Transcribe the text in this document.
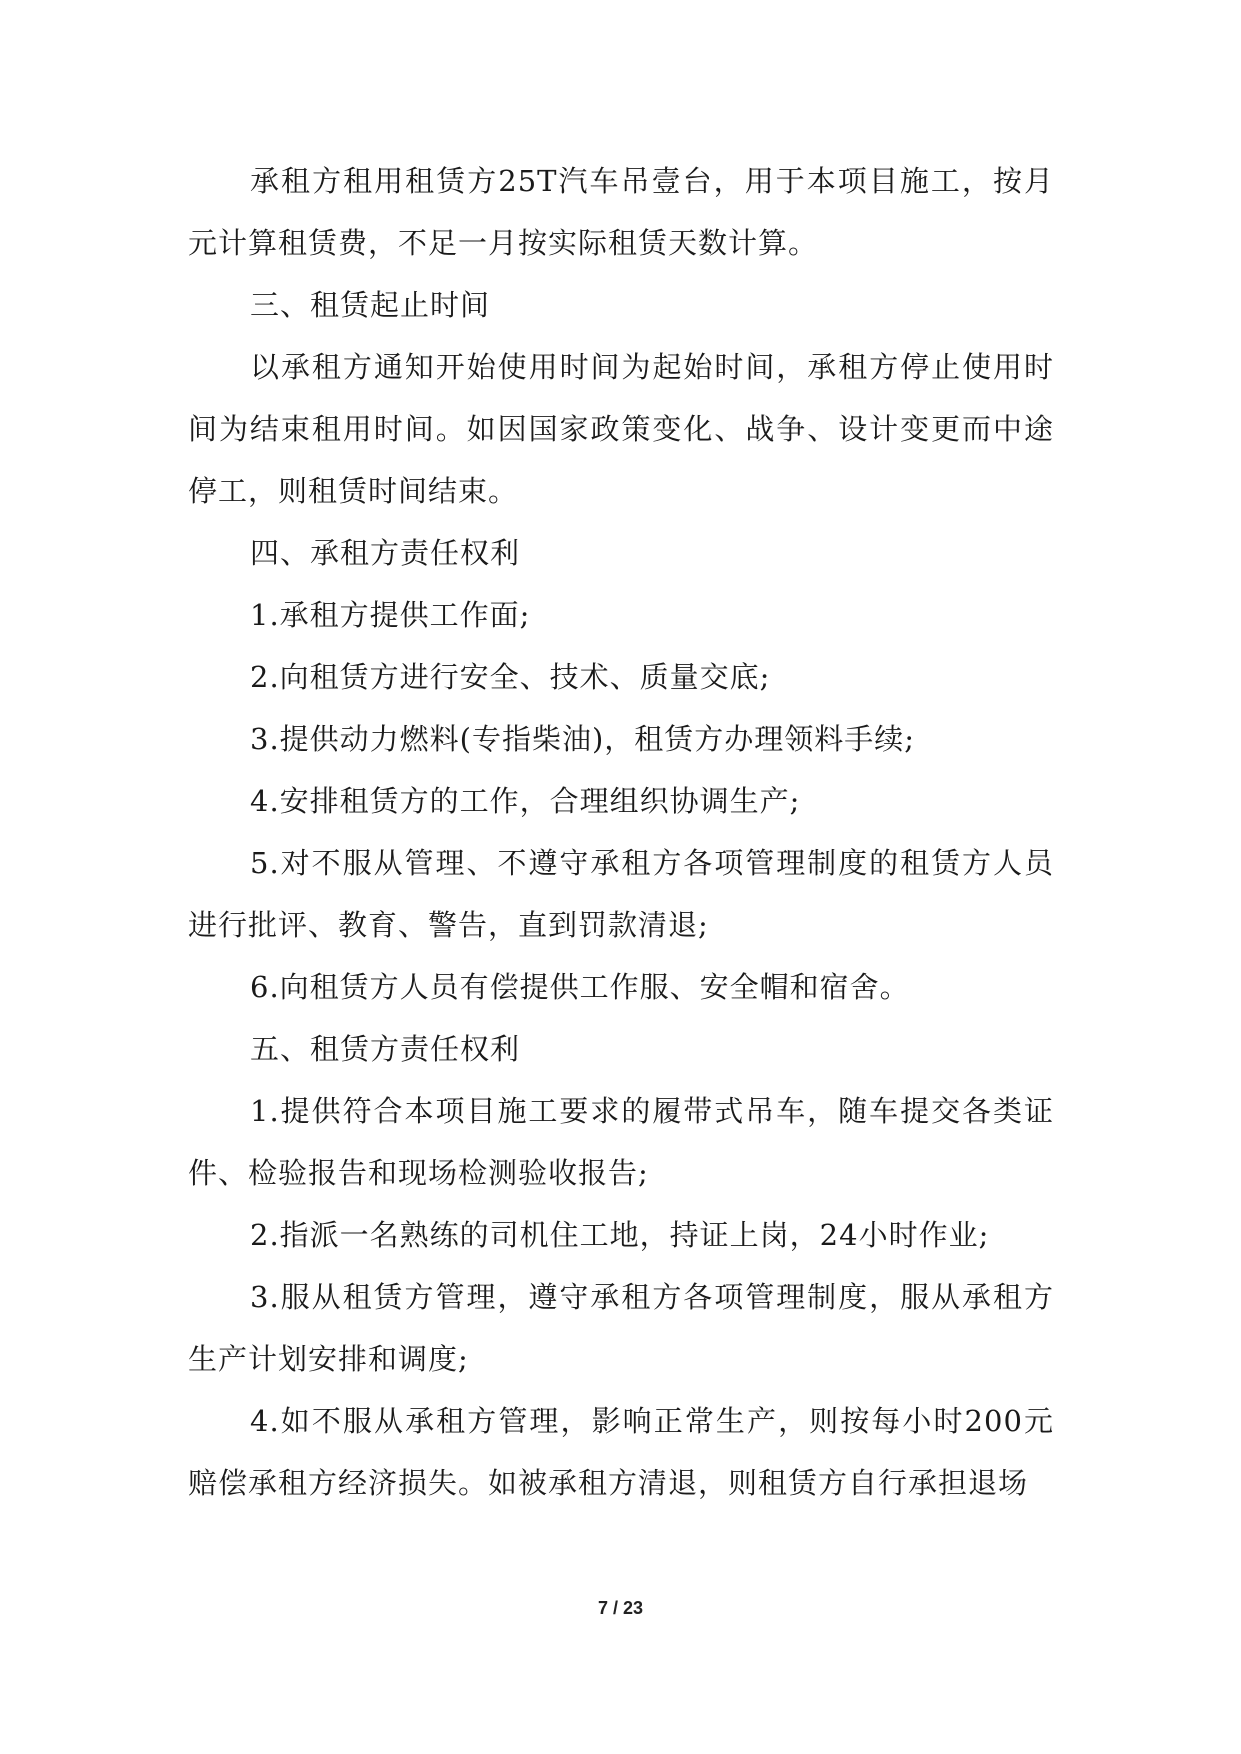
承租方租用租赁方25T汽车吊壹台，用于本项目施工，按月 元计算租赁费，不足一月按实际租赁天数计算。

三、租赁起止时间

以承租方通知开始使用时间为起始时间，承租方停止使用时间为结束租用时间。如因国家政策变化、战争、设计变更而中途停工，则租赁时间结束。

四、承租方责任权利

1.承租方提供工作面;

2.向租赁方进行安全、技术、质量交底;

3.提供动力燃料(专指柴油)，租赁方办理领料手续;

4.安排租赁方的工作，合理组织协调生产;

5.对不服从管理、不遵守承租方各项管理制度的租赁方人员进行批评、教育、警告，直到罚款清退;

6.向租赁方人员有偿提供工作服、安全帽和宿舍。

五、租赁方责任权利

1.提供符合本项目施工要求的履带式吊车，随车提交各类证件、检验报告和现场检测验收报告;

2.指派一名熟练的司机住工地，持证上岗，24小时作业;

3.服从租赁方管理，遵守承租方各项管理制度，服从承租方生产计划安排和调度;

4.如不服从承租方管理，影响正常生产，则按每小时200元赔偿承租方经济损失。如被承租方清退，则租赁方自行承担退场

7 / 23
